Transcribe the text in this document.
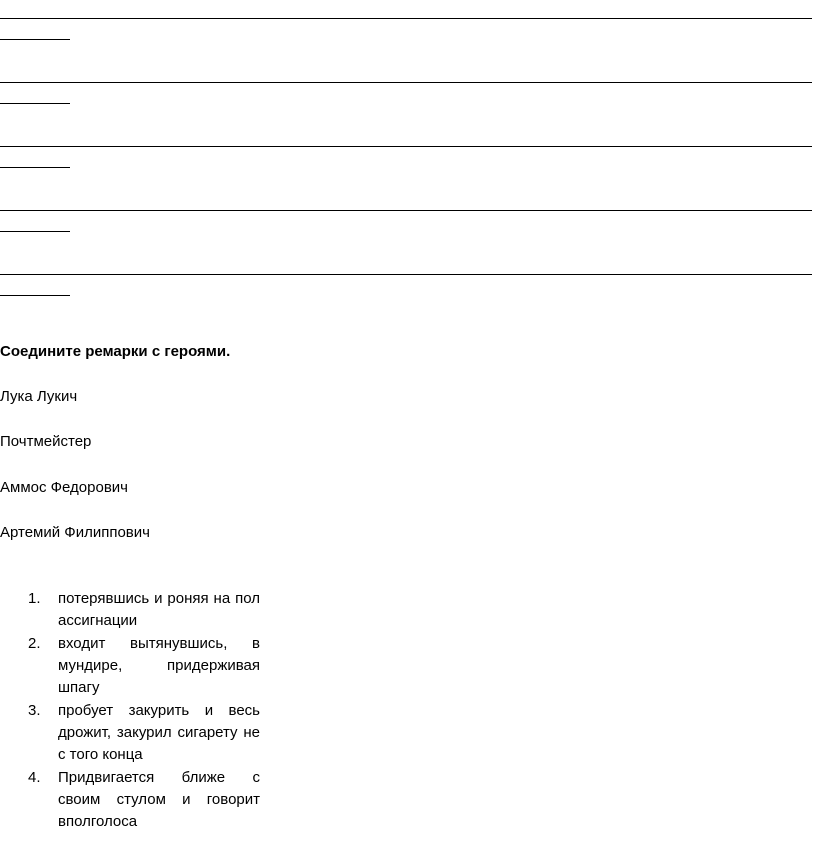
Соедините ремарки с героями.
Лука Лукич
Почтмейстер
Аммос Федорович
Артемий Филиппович
1. потерявшись и роняя на пол ассигнации
2. входит вытянувшись, в мундире, придерживая шпагу
3. пробует закурить и весь дрожит, закурил сигарету не с того конца
4. Придвигается ближе с своим стулом и говорит вполголоса
